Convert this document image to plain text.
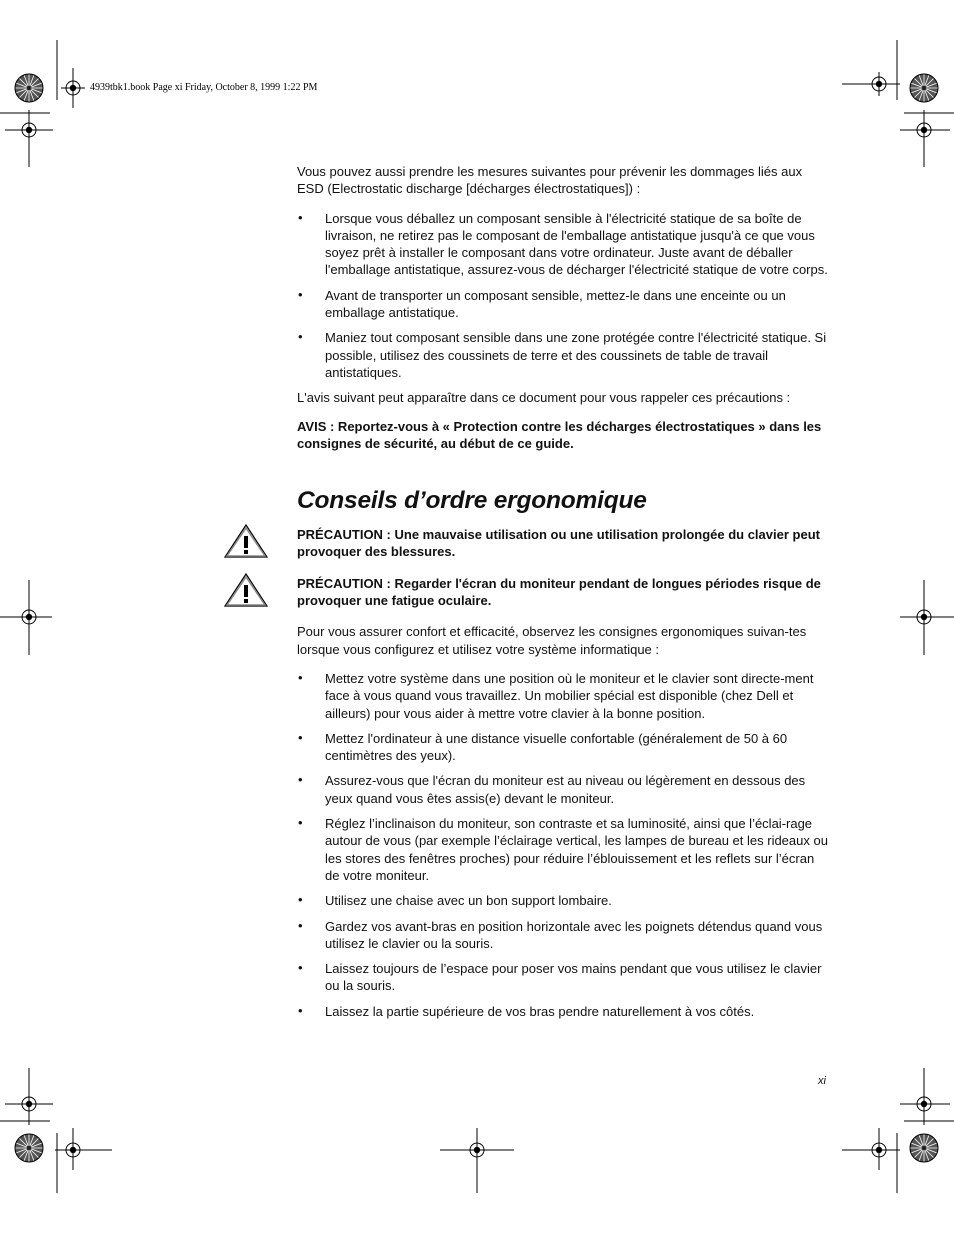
4939tbk1.book Page xi Friday, October 8, 1999 1:22 PM

Vous pouvez aussi prendre les mesures suivantes pour prévenir les dommages liés aux ESD (Electrostatic discharge [décharges électrostatiques]) :

• Lorsque vous déballez un composant sensible à l'électricité statique de sa boîte de livraison, ne retirez pas le composant de l'emballage antistatique jusqu'à ce que vous soyez prêt à installer le composant dans votre ordinateur. Juste avant de déballer l'emballage antistatique, assurez-vous de décharger l'électricité statique de votre corps.
• Avant de transporter un composant sensible, mettez-le dans une enceinte ou un emballage antistatique.
• Maniez tout composant sensible dans une zone protégée contre l'électricité statique. Si possible, utilisez des coussinets de terre et des coussinets de table de travail antistatiques.

L'avis suivant peut apparaître dans ce document pour vous rappeler ces précautions :

AVIS : Reportez-vous à « Protection contre les décharges électrostatiques » dans les consignes de sécurité, au début de ce guide.

Conseils d’ordre ergonomique

PRÉCAUTION : Une mauvaise utilisation ou une utilisation prolongée du clavier peut provoquer des blessures.

PRÉCAUTION : Regarder l'écran du moniteur pendant de longues périodes risque de provoquer une fatigue oculaire.

Pour vous assurer confort et efficacité, observez les consignes ergonomiques suivan-tes lorsque vous configurez et utilisez votre système informatique :

• Mettez votre système dans une position où le moniteur et le clavier sont directe-ment face à vous quand vous travaillez. Un mobilier spécial est disponible (chez Dell et ailleurs) pour vous aider à mettre votre clavier à la bonne position.
• Mettez l'ordinateur à une distance visuelle confortable (généralement de 50 à 60 centimètres des yeux).
• Assurez-vous que l'écran du moniteur est au niveau ou légèrement en dessous des yeux quand vous êtes assis(e) devant le moniteur.
• Réglez l’inclinaison du moniteur, son contraste et sa luminosité, ainsi que l’éclai-rage autour de vous (par exemple l’éclairage vertical, les lampes de bureau et les rideaux ou les stores des fenêtres proches) pour réduire l’éblouissement et les reflets sur l’écran de votre moniteur.
• Utilisez une chaise avec un bon support lombaire.
• Gardez vos avant-bras en position horizontale avec les poignets détendus quand vous utilisez le clavier ou la souris.
• Laissez toujours de l’espace pour poser vos mains pendant que vous utilisez le clavier ou la souris.
• Laissez la partie supérieure de vos bras pendre naturellement à vos côtés.
xi
